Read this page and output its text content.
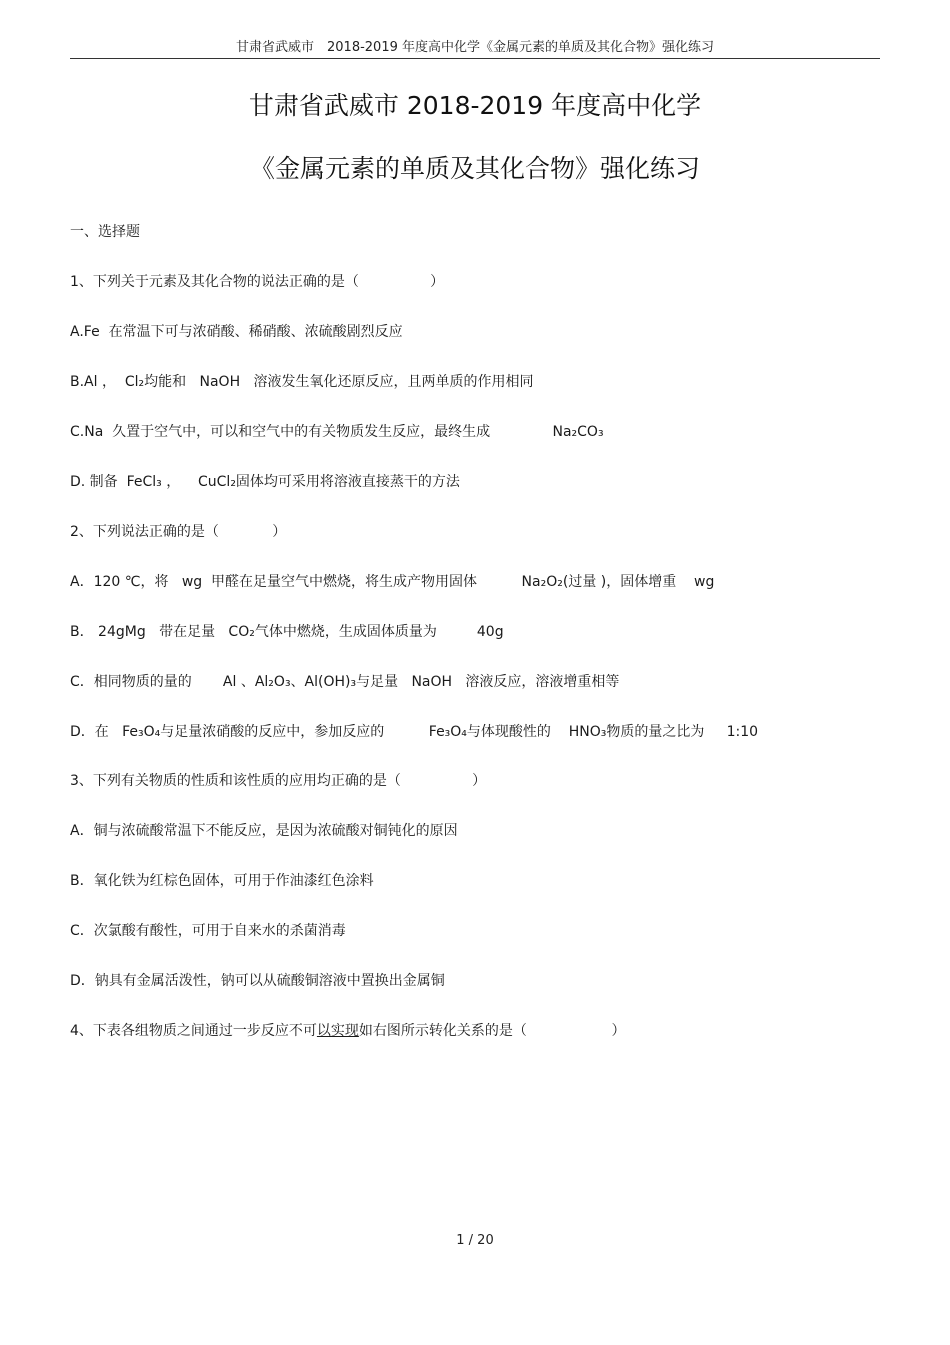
甘肃省武威市　2018-2019 年度高中化学《金属元素的单质及其化合物》强化练习
甘肃省武威市 2018-2019 年度高中化学
《金属元素的单质及其化合物》强化练习
一、选择题
1、下列关于元素及其化合物的说法正确的是（                ）
A.Fe  在常温下可与浓硝酸、稀硝酸、浓硫酸剧烈反应
B.Al ，  Cl₂均能和   NaOH   溶液发生氧化还原反应，且两单质的作用相同
C.Na  久置于空气中，可以和空气中的有关物质发生反应，最终生成              Na₂CO₃
D. 制备  FeCl₃ ，    CuCl₂固体均可采用将溶液直接蒸干的方法
2、下列说法正确的是（            ）
A．120 ℃，将   wg  甲醛在足量空气中燃烧，将生成产物用固体          Na₂O₂(过量 )，固体增重    wg
B． 24gMg   带在足量   CO₂气体中燃烧，生成固体质量为         40g
C．相同物质的量的       Al 、Al₂O₃、Al(OH)₃与足量   NaOH   溶液反应，溶液增重相等
D．在   Fe₃O₄与足量浓硝酸的反应中，参加反应的          Fe₃O₄与体现酸性的    HNO₃物质的量之比为     1:10
3、下列有关物质的性质和该性质的应用均正确的是（                ）
A．铜与浓硫酸常温下不能反应，是因为浓硫酸对铜钝化的原因
B．氧化铁为红棕色固体，可用于作油漆红色涂料
C．次氯酸有酸性，可用于自来水的杀菌消毒
D．钠具有金属活泼性，钠可以从硫酸铜溶液中置换出金属铜
4、下表各组物质之间通过一步反应不可以实现如右图所示转化关系的是（                   ）
1 / 20
